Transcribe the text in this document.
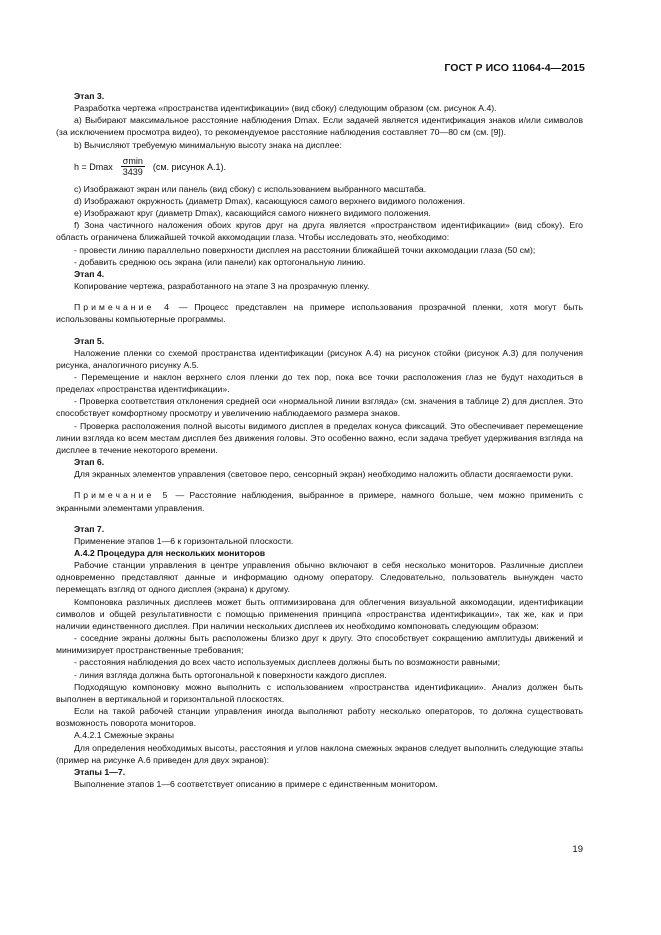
ГОСТ Р ИСО 11064-4—2015

Этап 3.

Разработка чертежа «пространства идентификации» (вид сбоку) следующим образом (см. рисунок А.4).

a) Выбирают максимальное расстояние наблюдения Dmax. Если задачей является идентификация знаков и/или символов (за исключением просмотра видео), то рекомендуемое расстояние наблюдения составляет 70—80 см (см. [9]).

b) Вычисляют требуемую минимальную высоту знака на дисплее:

h = Dmax $\frac{\sigma\min}{3439} (см$. рисунок А.1).

c) Изображают экран или панель (вид сбоку) с использованием выбранного масштаба.

d) Изображают окружность (диаметр Dmax), касающуюся самого верхнего видимого положения.

e) Изображают круг (диаметр Dmax), касающийся самого нижнего видимого положения.

f) Зона частичного наложения обоих кругов друг на друга является «пространством идентификации» (вид сбоку). Его область ограничена ближайшей точкой аккомодации глаза. Чтобы исследовать это, необходимо:

- провести линию параллельно поверхности дисплея на расстоянии ближайшей точки аккомодации глаза (50 см);

- добавить среднюю ось экрана (или панели) как ортогональную линию.

Этап 4.

Копирование чертежа, разработанного на этапе 3 на прозрачную пленку.

Примечание 4 — Процесс представлен на примере использования прозрачной пленки, хотя могут быть использованы компьютерные программы.

Этап 5.

Наложение пленки со схемой пространства идентификации (рисунок А.4) на рисунок стойки (рисунок А.3) для получения рисунка, аналогичного рисунку А.5.

- Перемещение и наклон верхнего слоя пленки до тех пор, пока все точки расположения глаз не будут находиться в пределах «пространства идентификации».

- Проверка соответствия отклонения средней оси «нормальной линии взгляда» (см. значения в таблице 2) для дисплея. Это способствует комфортному просмотру и увеличению наблюдаемого размера знаков.

- Проверка расположения полной высоты видимого дисплея в пределах конуса фиксаций. Это обеспечивает перемещение линии взгляда ко всем местам дисплея без движения головы. Это особенно важно, если задача требует удерживания взгляда на дисплее в течение некоторого времени.

Этап 6.

Для экранных элементов управления (световое перо, сенсорный экран) необходимо наложить области досягаемости руки.

Примечание 5 — Расстояние наблюдения, выбранное в примере, намного больше, чем можно применить с экранными элементами управления.

Этап 7.

Применение этапов 1—6 к горизонтальной плоскости.

А.4.2 Процедура для нескольких мониторов

Рабочие станции управления в центре управления обычно включают в себя несколько мониторов. Различные дисплеи одновременно представляют данные и информацию одному оператору. Следовательно, пользователь вынужден часто перемещать взгляд от одного дисплея (экрана) к другому.

Компоновка различных дисплеев может быть оптимизирована для облегчения визуальной аккомодации, идентификации символов и общей результативности с помощью применения принципа «пространства идентификации», так же, как и при наличии единственного дисплея. При наличии нескольких дисплеев их необходимо компоновать следующим образом:

- соседние экраны должны быть расположены близко друг к другу. Это способствует сокращению амплитуды движений и минимизирует пространственные требования;

- расстояния наблюдения до всех часто используемых дисплеев должны быть по возможности равными;

- линия взгляда должна быть ортогональной к поверхности каждого дисплея.

Подходящую компоновку можно выполнить с использованием «пространства идентификации». Анализ должен быть выполнен в вертикальной и горизонтальной плоскостях.

Если на такой рабочей станции управления иногда выполняют работу несколько операторов, то должна существовать возможность поворота мониторов.

А.4.2.1 Смежные экраны

Для определения необходимых высоты, расстояния и углов наклона смежных экранов следует выполнить следующие этапы (пример на рисунке А.6 приведен для двух экранов):

Этапы 1—7.

Выполнение этапов 1—6 соответствует описанию в примере с единственным монитором.

19
